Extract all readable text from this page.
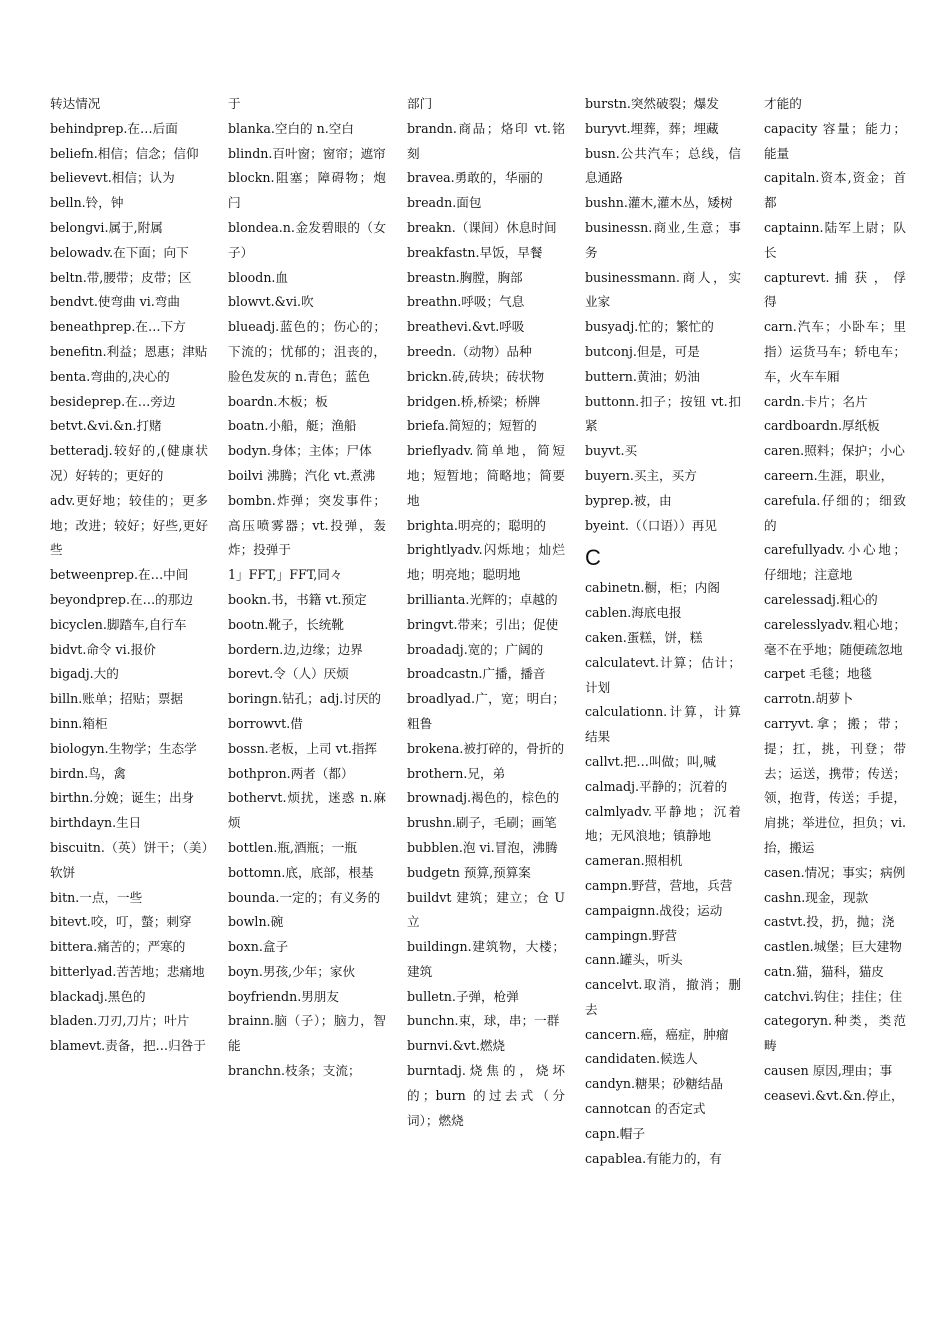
转达情况

behindprep.在…后面

beliefn.相信；信念；信仰

believevt.相信；认为

belln.铃，钟

belongvi.属于,附属

belowadv.在下面；向下

beltn.带,腰带；皮带；区

bendvt.使弯曲 vi.弯曲

beneathprep.在…下方

benefitn.利益；恩惠；津贴

benta.弯曲的,决心的

besideprep.在…旁边

betvt.&vi.&n.打赌

betteradj.较好的,(健康状况）好转的；更好的

adv.更好地；较佳的；更多地；改进；较好；好些,更好些

betweenprep.在…中间

beyondprep.在…的那边

bicyclen.脚踏车,自行车

bidvt.命令 vi.报价

bigadj.大的

billn.账单；招贴；票据

binn.箱柜

biologyn.生物学；生态学

birdn.鸟，禽

birthn.分娩；诞生；出身

birthdayn.生日

biscuitn.（英）饼干；（美）软饼

bitn.一点，一些

bitevt.咬，叮，螫；刺穿

bittera.痛苦的；严寒的

bitterlyad.苦苦地；悲痛地

blackadj.黑色的

bladen.刀刃,刀片；叶片

blamevt.责备，把…归咎于

于

blanka.空白的 n.空白

blindn.百叶窗；窗帘；遮帘

blockn.阻塞；障碍物；炮闩

blondea.n.金发碧眼的（女子）

bloodn.血

blowvt.&vi.吹

blueadj.蓝色的；伤心的；下流的；忧郁的；沮丧的，脸色发灰的 n.青色；蓝色

boardn.木板；板

boatn.小船，艇；渔船

bodyn.身体；主体；尸体

boilvi 沸腾；汽化 vt.煮沸

bombn.炸弹；突发事件；高压喷雾器；vt.投弹，轰炸；投弹于

1」FFT,」FFT,同々

bookn.书，书籍 vt.预定

bootn.靴子，长统靴

bordern.边,边缘；边界

borevt.令（人）厌烦

boringn.钻孔；adj.讨厌的

borrowvt.借

bossn.老板，上司 vt.指挥

bothpron.两者（都）

bothervt.烦扰，迷惑 n.麻烦

bottlen.瓶,酒瓶；一瓶

bottomn.底，底部，根基

bounda.一定的；有义务的

bowln.碗

boxn.盒子

boyn.男孩,少年；家伙

boyfriendn.男朋友

brainn.脑（子）；脑力，智能

branchn.枝条；支流；

部门

brandn.商品；烙印 vt.铭刻

bravea.勇敢的，华丽的

breadn.面包

breakn.（课间）休息时间

breakfastn.早饭，早餐

breastn.胸膛，胸部

breathn.呼吸；气息

breathevi.&vt.呼吸

breedn.（动物）品种

brickn.砖,砖块；砖状物

bridgen.桥,桥梁；桥牌

briefa.简短的；短暂的

brieflyadv.简单地，简短地；短暂地；简略地；简要地

brighta.明亮的；聪明的

brightlyadv.闪烁地；灿烂地；明亮地；聪明地

brillianta.光辉的；卓越的

bringvt.带来；引出；促使

broadadj.宽的；广阔的

broadcastn.广播，播音

broadlyad.广，宽；明白；粗鲁

brokena.被打碎的，骨折的

brothern.兄，弟

brownadj.褐色的，棕色的

brushn.刷子，毛刷；画笔

bubblen.泡 vi.冒泡，沸腾

budgetn 预算,预算案

buildvt 建筑；建立；仓 U 立

buildingn.建筑物，大楼；建筑

bulletn.子弹，枪弹

bunchn.束，球，串；一群

burnvi.&vt.燃烧

burntadj.烧焦的，烧坏的；burn 的过去式（分词）；燃烧

burstn.突然破裂；爆发

buryvt.埋葬，葬；埋藏

busn.公共汽车；总线，信息通路

bushn.灌木,灌木丛，矮树

businessn.商业,生意；事务

businessmann.商人，实业家

busyadj.忙的；繁忙的

butconj.但是，可是

buttern.黄油；奶油

buttonn.扣子；按钮 vt.扣紧

buyvt.买

buyern.买主，买方

byprep.被，由

byeint.（（口语））再见

C

cabinetn.橱，柜；内阁

cablen.海底电报

caken.蛋糕，饼，糕

calculatevt.计算；估计；计划

calculationn.计算，计算结果

callvt.把…叫做；叫,喊

calmadj.平静的；沉着的

calmlyadv.平静地；沉着地；无风浪地；镇静地

cameran.照相机

campn.野营，营地，兵营

campaignn.战役；运动

campingn.野营

cann.罐头，听头

cancelvt.取消，撤消；删去

cancern.癌，癌症，肿瘤

candidaten.候选人

candyn.糖果；砂糖结晶

cannotcan 的否定式

capn.帽子

capablea.有能力的，有

才能的

capacity 容量；能力；能量

capitaln.资本,资金；首都

captainn.陆军上尉；队长

capturevt. 捕 获 ， 俘得

carn.汽车；小卧车；里指）运货马车；轿电车；车，火车车厢

cardn.卡片；名片

cardboardn.厚纸板

caren.照料；保护；小心

careern.生涯，职业，

carefula.仔细的；细致的

carefullyadv.小心地；仔细地；注意地

carelessadj.粗心的

carelesslyadv.粗心地；毫不在乎地；随便疏忽地

carpet 毛毯；地毯

carrotn.胡萝卜

carryvt.拿；搬；带；提；扛，挑，刊登；带去；运送，携带；传送；领，抱背，传送；手提，肩挑；举进位，担负；vi.抬，搬运

casen.情况；事实；病例

cashn.现金，现款

castvt.投，扔，抛；浇

castlen.城堡；巨大建物

catn.猫，猫科，猫皮

catchvi.钩住；挂住；住

categoryn.种类，类范畴

causen 原因,理由；事

ceasevi.&vt.&n.停止，
